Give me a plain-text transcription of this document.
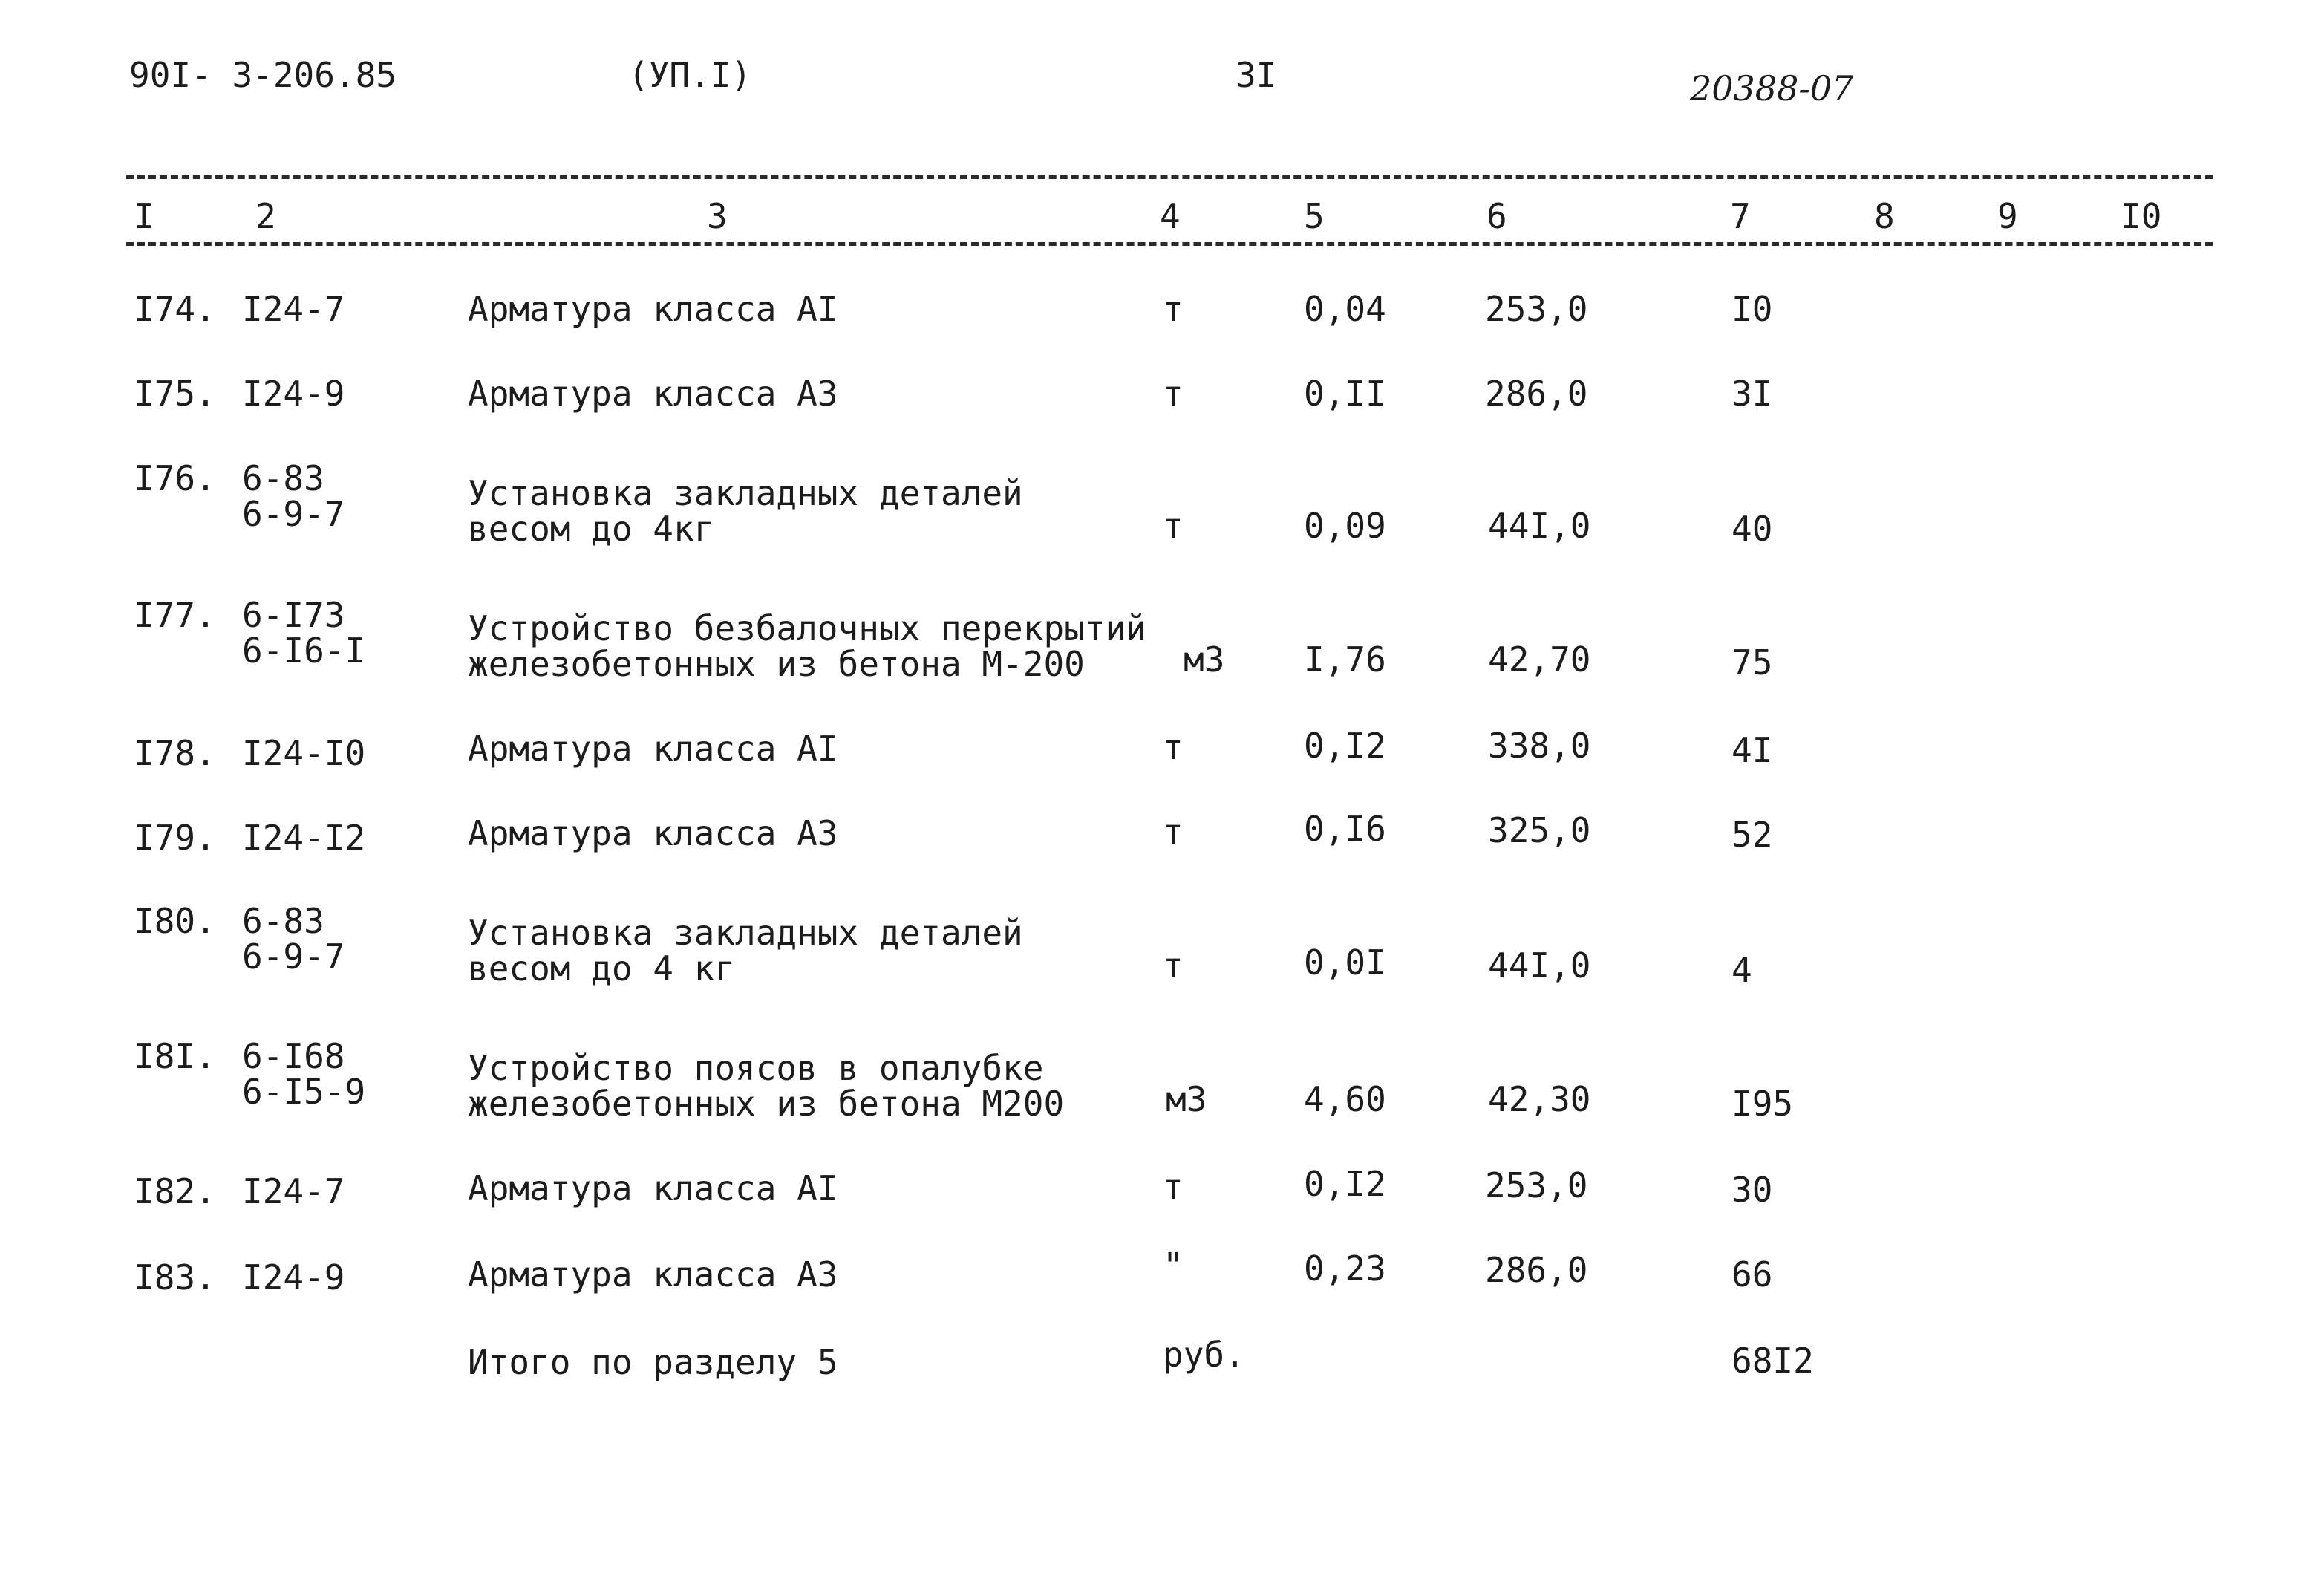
90I- 3-206.85	(УП.I)	3I	20388-07
I	2	3	4	5	6	7	8	9	I0
I74. I24-7	Арматура класса AI	т	0,04	253,0	I0
I75. I24-9	Арматура класса A3	т	0,II	286,0	3I
I76. 6-83
6-9-7
Установка закладных деталей
весом до 4кг	т	0,09	44I,0	40
I77. 6-I73
6-I6-I
Устройство безбалочных перекрытий
железобетонных из бетона М-200	м3 I,76	42,70	75
I78. I24-I0	Арматура класса AI	т	0,I2	338,0	4I
I79. I24-I2	Арматура класса A3	т	0,I6	325,0	52
I80. 6-83
6-9-7
Установка закладных деталей
весом до 4 кг	т	0,0I	44I,0	4
I8I. 6-I68
6-I5-9
Устройство поясов в опалубке
железобетонных из бетона М200	м3	4,60	42,30	I95
I82. I24-7	Арматура класса AI	т	0,I2	253,0	30
I83. I24-9	Арматура класса A3	"	0,23	286,0	66
Итого по разделу 5	руб.	68I2
